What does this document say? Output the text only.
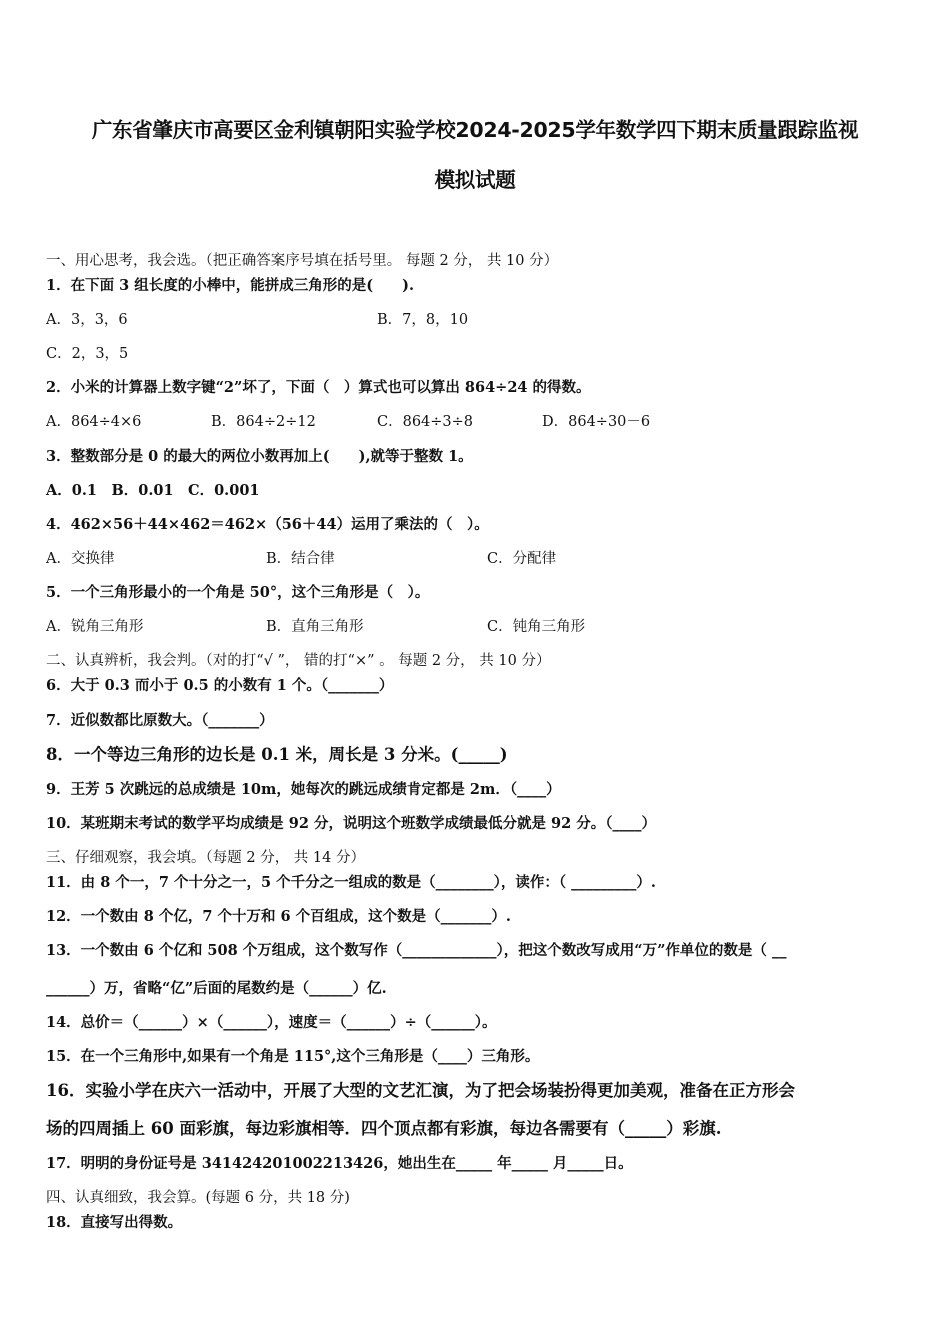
广东省肇庆市高要区金利镇朝阳实验学校2024-2025学年数学四下期末质量跟踪监视
模拟试题
一、用心思考，我会选。（把正确答案序号填在括号里。 每题 2 分， 共 10 分）
1．在下面 3 组长度的小棒中，能拼成三角形的是(　　).
A．3，3，6	B．7，8，10
C．2，3，5
2．小米的计算器上数字键“2”坏了，下面（　）算式也可以算出 864÷24 的得数。
A．864÷4×6	B．864÷2÷12	C．864÷3÷8	D．864÷30－6
3．整数部分是 0 的最大的两位小数再加上(　　),就等于整数 1。
A．0.1　B．0.01　C．0.001
4．462×56＋44×462＝462×（56＋44）运用了乘法的（　）。
A．交换律	B．结合律	C．分配律
5．一个三角形最小的一个角是 50°，这个三角形是（　）。
A．锐角三角形	B．直角三角形	C．钝角三角形
二、认真辨析，我会判。（对的打“√ ”， 错的打“×” 。 每题 2 分， 共 10 分）
6．大于 0.3 而小于 0.5 的小数有 1 个。（_______）
7．近似数都比原数大。（_______）
8．一个等边三角形的边长是 0.1 米，周长是 3 分米。(_____)
9．王芳 5 次跳远的总成绩是 10m，她每次的跳远成绩肯定都是 2m．（____）
10．某班期末考试的数学平均成绩是 92 分，说明这个班数学成绩最低分就是 92 分。（____）
三、仔细观察，我会填。（每题 2 分， 共 14 分）
11．由 8 个一，7 个十分之一，5 个千分之一组成的数是（________），读作：（ _________）.
12．一个数由 8 个亿，7 个十万和 6 个百组成，这个数是（_______）.
13．一个数由 6 个亿和 508 个万组成，这个数写作（_____________），把这个数改写成用“万”作单位的数是（ __
______）万，省略“亿”后面的尾数约是（______）亿.
14．总价＝（______）×（______），速度＝（______）÷（______）。
15．在一个三角形中,如果有一个角是 115°,这个三角形是（____）三角形。
16．实验小学在庆六一活动中，开展了大型的文艺汇演，为了把会场装扮得更加美观，准备在正方形会
场的四周插上 60 面彩旗，每边彩旗相等．四个顶点都有彩旗，每边各需要有（_____）彩旗.
17．明明的身份证号是 341424201002213426，她出生在_____ 年_____ 月_____日。
四、认真细致，我会算。(每题 6 分，共 18 分)
18．直接写出得数。
